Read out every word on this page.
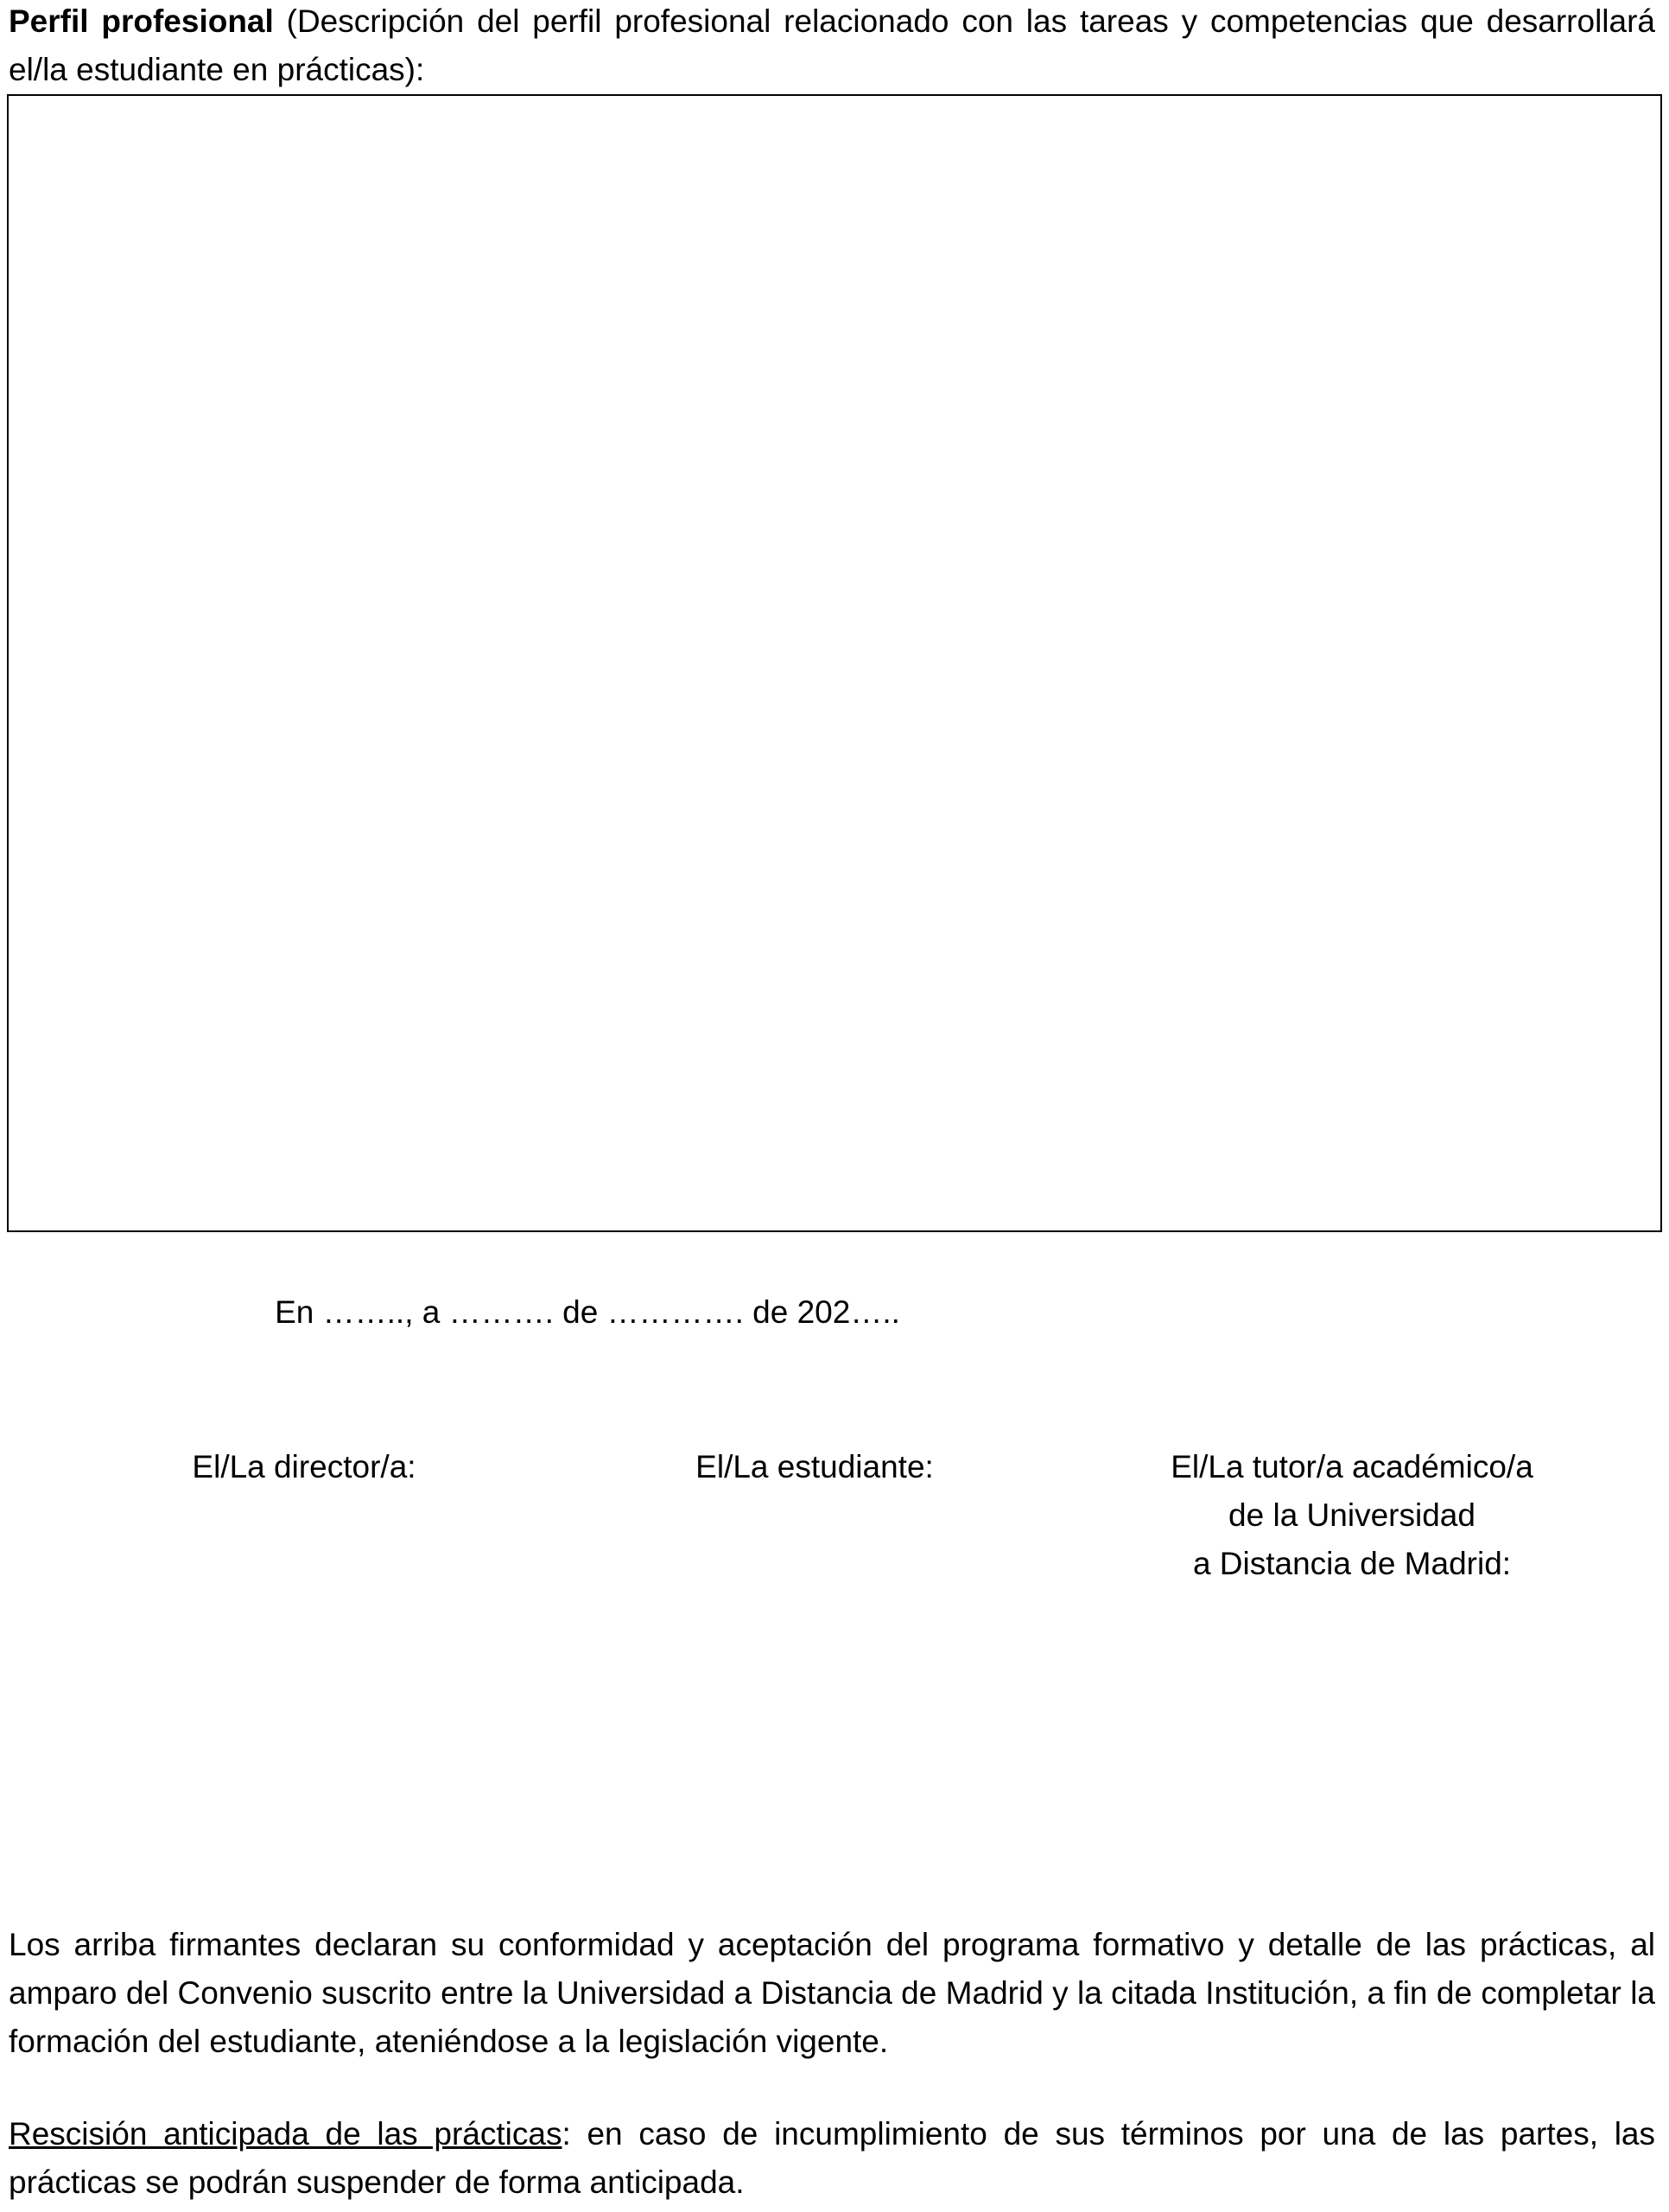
Perfil profesional (Descripción del perfil profesional relacionado con las tareas y competencias que desarrollará el/la estudiante en prácticas):
En …….., a ………. de …………. de 202…..
El/La director/a:	El/La estudiante:	El/La tutor/a académico/a
de la Universidad
a Distancia de Madrid:
Los arriba firmantes declaran su conformidad y aceptación del programa formativo y detalle de las prácticas, al amparo del Convenio suscrito entre la Universidad a Distancia de Madrid y la citada Institución, a fin de completar la formación del estudiante, ateniéndose a la legislación vigente.
Rescisión anticipada de las prácticas: en caso de incumplimiento de sus términos por una de las partes, las prácticas se podrán suspender de forma anticipada.
